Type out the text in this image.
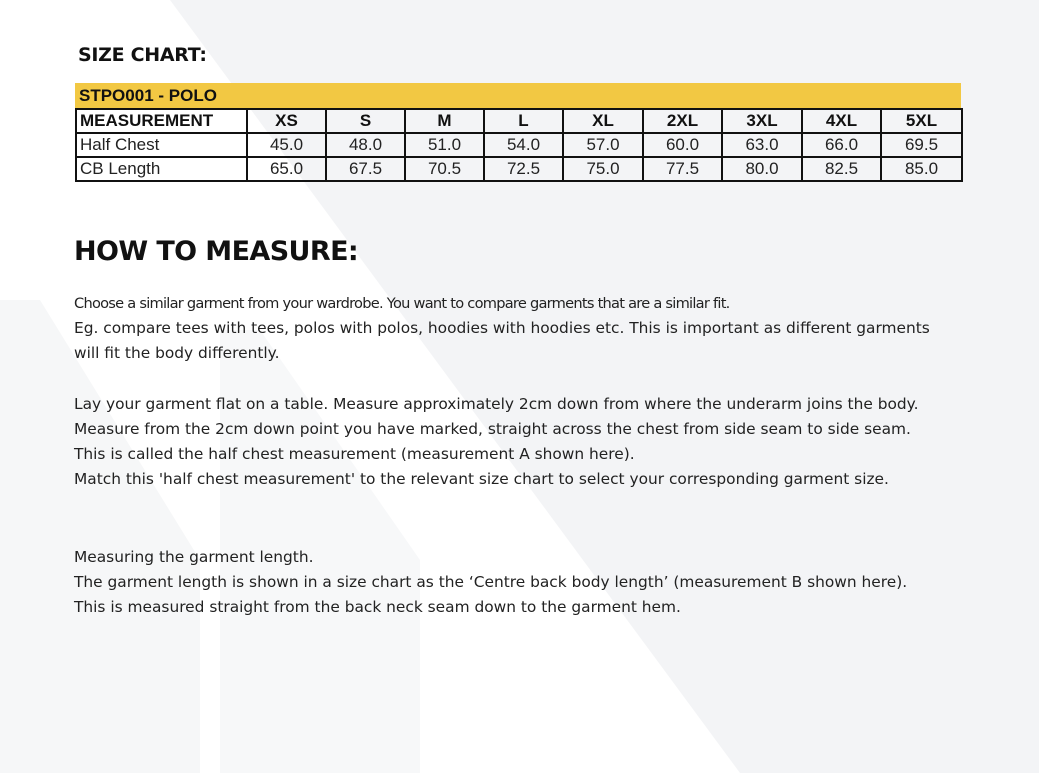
SIZE CHART:
STPO001 - POLO
MEASUREMENT	XS	S	M	L	XL	2XL	3XL	4XL	5XL
Half Chest	45.0	48.0	51.0	54.0	57.0	60.0	63.0	66.0	69.5
CB Length	65.0	67.5	70.5	72.5	75.0	77.5	80.0	82.5	85.0
HOW TO MEASURE:
Choose a similar garment from your wardrobe. You want to compare garments that are a similar fit.
Eg. compare tees with tees, polos with polos, hoodies with hoodies etc. This is important as different garments
will fit the body differently.
Lay your garment flat on a table. Measure approximately 2cm down from where the underarm joins the body.
Measure from the 2cm down point you have marked, straight across the chest from side seam to side seam.
This is called the half chest measurement (measurement A shown here).
Match this 'half chest measurement' to the relevant size chart to select your corresponding garment size.
Measuring the garment length.
The garment length is shown in a size chart as the ‘Centre back body length’ (measurement B shown here).
This is measured straight from the back neck seam down to the garment hem.
